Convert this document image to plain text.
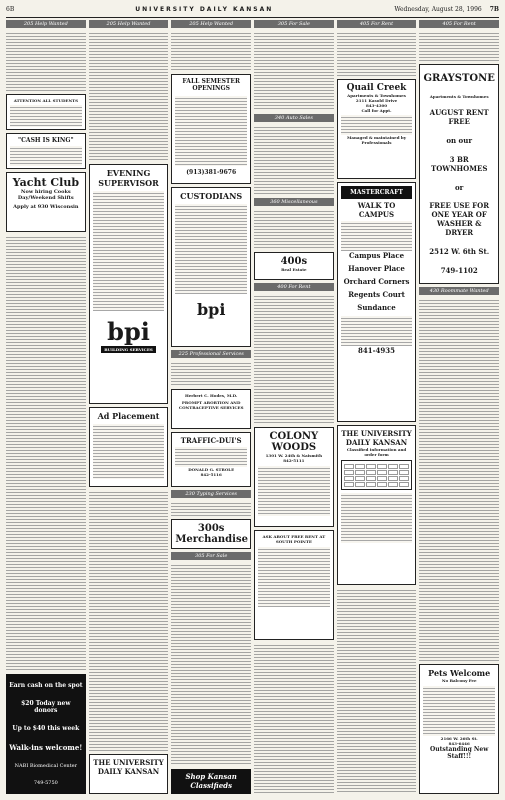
6B	UNIVERSITY DAILY KANSAN	Wednesday, August 28, 1996 7B
205 Help Wanted
ATTENTION ALL STUDENTS
"CASH IS KING"
Yacht Club
Now hiring Cooks Day/Weekend Shifts
Apply at 930 Wisconsin
Earn cash on the spot
$20 Today new donors
Up to $40 this week
Walk-ins welcome!
NABI Biomedical Center
749-5750
205 Help Wanted
EVENING SUPERVISOR
bpi
BUILDING SERVICES
Ad Placement
THE UNIVERSITY DAILY KANSAN
205 Help Wanted
FALL SEMESTER OPENINGS
(913)381-9676
CUSTODIANS
bpi
225 Professional Services
Herbert C. Hodes, M.D.
PROMPT ABORTION AND CONTRACEPTIVE SERVICES
TRAFFIC-DUI'S
DONALD G. STROLE
842-5116
230 Typing Services
300s Merchandise
305 For Sale
Shop Kansan Classifieds
305 For Sale
340 Auto Sales
360 Miscellaneous
400s
Real Estate
400 For Rent
COLONY WOODS
1301 W. 24th & Naismith
842-5111
ASK ABOUT FREE RENT AT SOUTH POINTE
405 For Rent
Quail Creek
Apartments & Townhomes
2111 Kasold Drive
843-4300
Call for Appt.
Managed & maintained by Professionals
MASTERCRAFT
WALK TO CAMPUS
Campus Place
Hanover Place
Orchard Corners
Regents Court
Sundance
841-4935
THE UNIVERSITY DAILY KANSAN
Classified information and order form
405 For Rent
GRAYSTONE
Apartments & Townhomes
AUGUST RENT FREE
on our
3 BR TOWNHOMES
or
FREE USE FOR ONE YEAR OF WASHER & DRYER
2512 W. 6th St.
749-1102
430 Roommate Wanted
Pets Welcome
No Balcony Fee
2166 W. 26th St.
843-6446
Outstanding New Staff!!!
